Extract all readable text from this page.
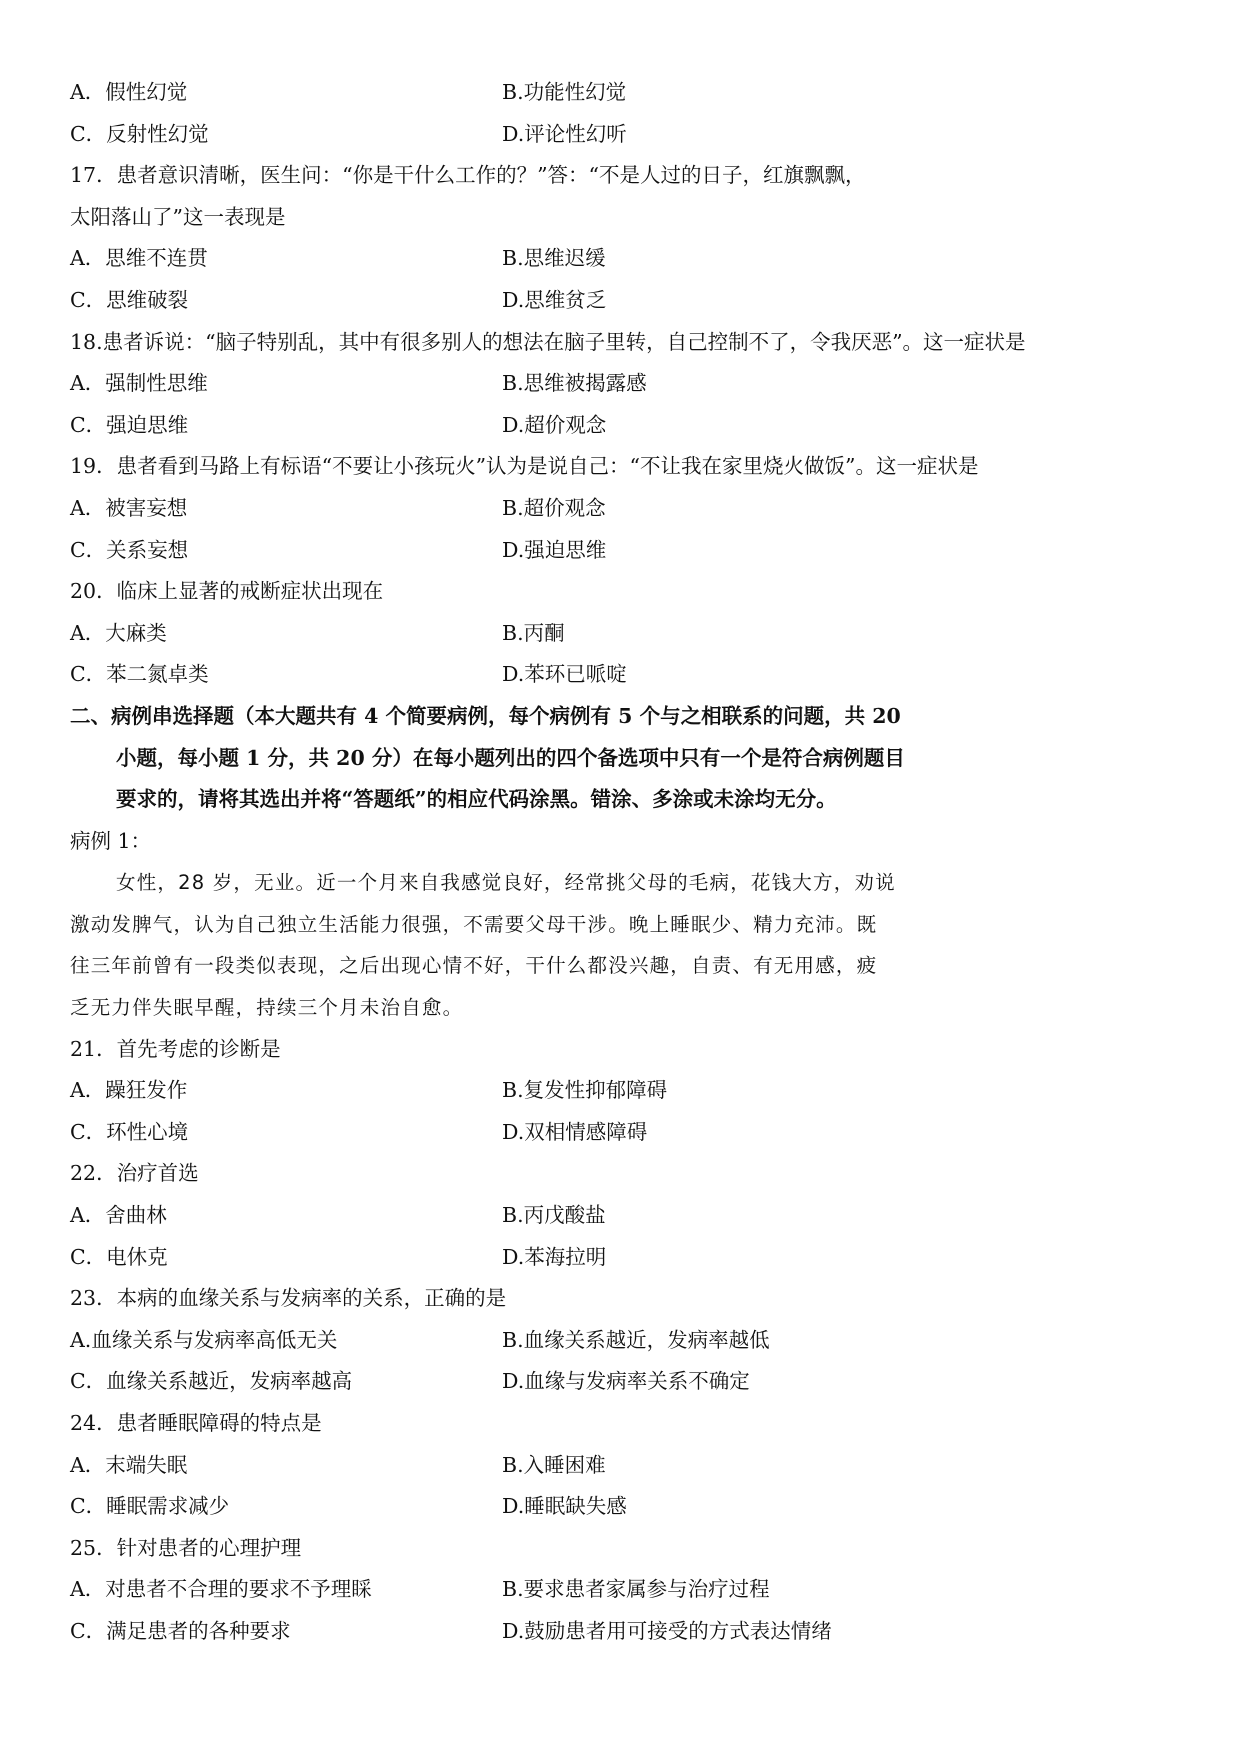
A．假性幻觉	B.功能性幻觉
C．反射性幻觉	D.评论性幻听
17．患者意识清晰，医生问：“你是干什么工作的？”答：“不是人过的日子，红旗飘飘，
太阳落山了”这一表现是
A．思维不连贯	B.思维迟缓
C．思维破裂	D.思维贫乏
18.患者诉说：“脑子特别乱，其中有很多别人的想法在脑子里转，自己控制不了，令我厌恶”。这一症状是
A．强制性思维	B.思维被揭露感
C．强迫思维	D.超价观念
19．患者看到马路上有标语“不要让小孩玩火”认为是说自己：“不让我在家里烧火做饭”。这一症状是
A．被害妄想	B.超价观念
C．关系妄想	D.强迫思维
20．临床上显著的戒断症状出现在
A．大麻类	B.丙酮
C．苯二氮卓类	D.苯环已哌啶
二、病例串选择题（本大题共有 4 个简要病例，每个病例有 5 个与之相联系的问题，共 20
小题，每小题 1 分，共 20 分）在每小题列出的四个备选项中只有一个是符合病例题目
要求的，请将其选出并将“答题纸”的相应代码涂黑。错涂、多涂或未涂均无分。
病例 1：
女性，28 岁，无业。近一个月来自我感觉良好，经常挑父母的毛病，花钱大方，劝说
激动发脾气，认为自己独立生活能力很强，不需要父母干涉。晚上睡眠少、精力充沛。既
往三年前曾有一段类似表现，之后出现心情不好，干什么都没兴趣，自责、有无用感，疲
乏无力伴失眠早醒，持续三个月未治自愈。
21．首先考虑的诊断是
A．躁狂发作	B.复发性抑郁障碍
C．环性心境	D.双相情感障碍
22．治疗首选
A．舍曲林	B.丙戊酸盐
C．电休克	D.苯海拉明
23．本病的血缘关系与发病率的关系，正确的是
A.血缘关系与发病率高低无关	B.血缘关系越近，发病率越低
C．血缘关系越近，发病率越高	D.血缘与发病率关系不确定
24．患者睡眠障碍的特点是
A．末端失眠	B.入睡困难
C．睡眠需求减少	D.睡眠缺失感
25．针对患者的心理护理
A．对患者不合理的要求不予理睬	B.要求患者家属参与治疗过程
C．满足患者的各种要求	D.鼓励患者用可接受的方式表达情绪
